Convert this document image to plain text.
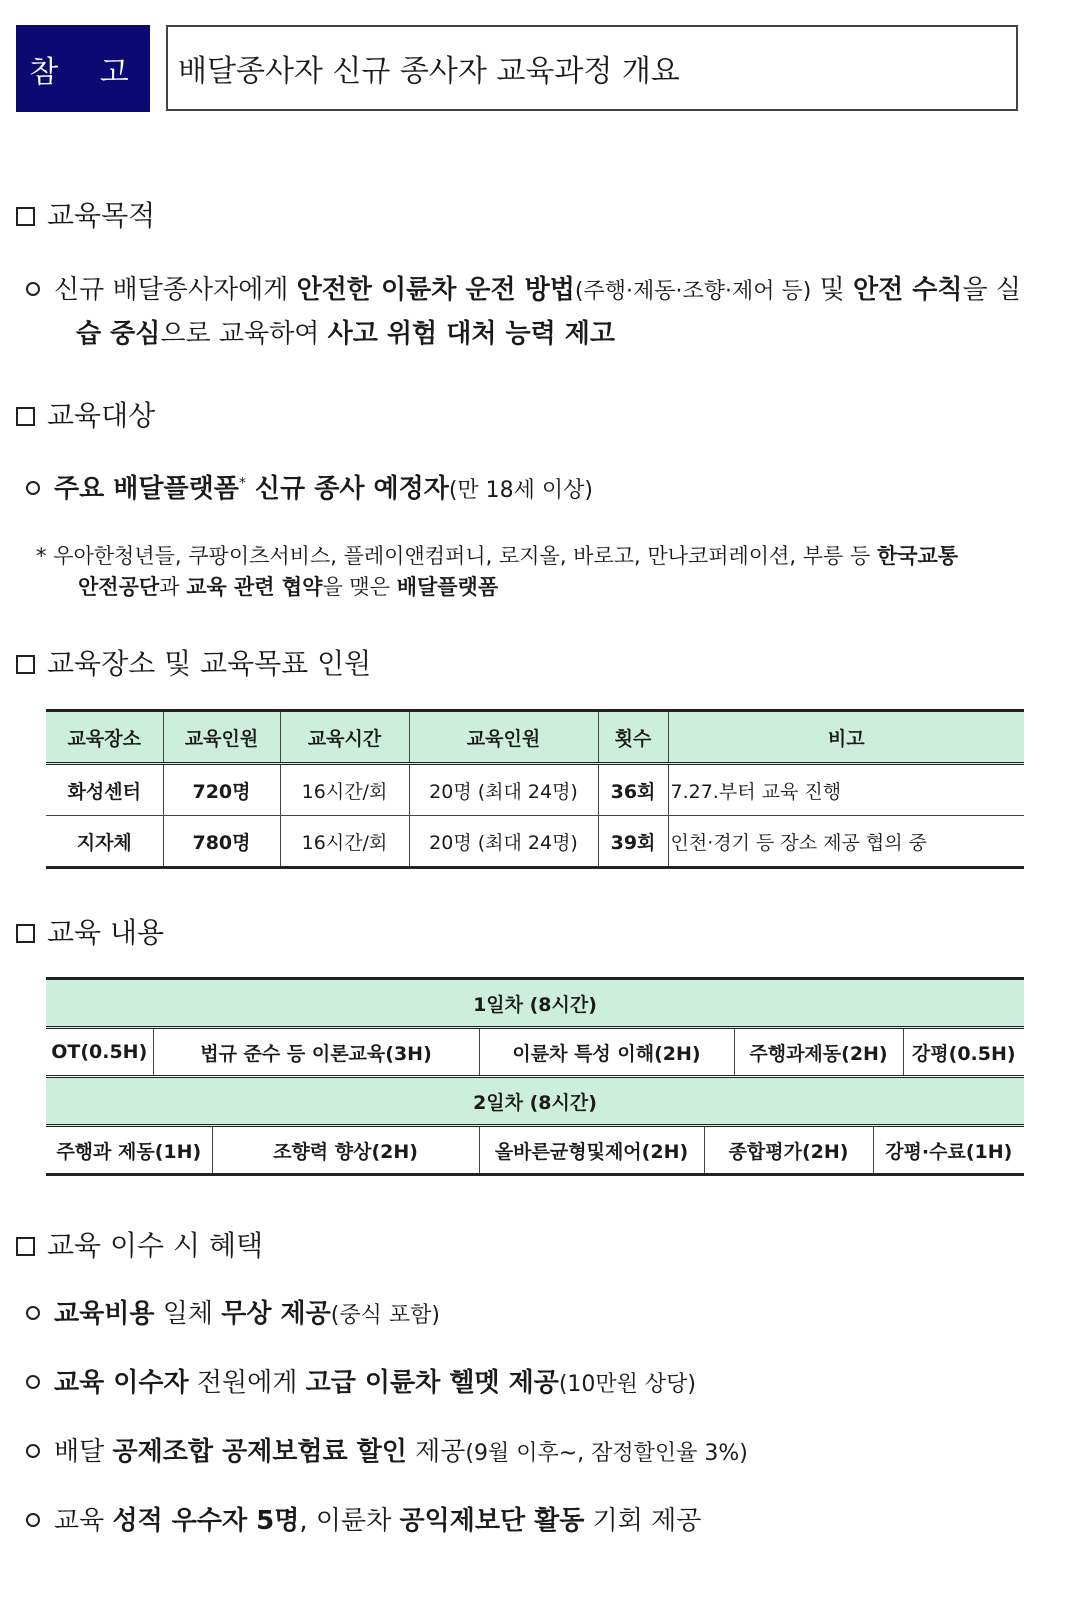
참 고 배달종사자 신규 종사자 교육과정 개요
교육목적
신규 배달종사자에게 안전한 이륜차 운전 방법(주행·제동·조향·제어 등) 및 안전 수칙을 실
습 중심으로 교육하여 사고 위험 대처 능력 제고
교육대상
주요 배달플랫폼* 신규 종사 예정자(만 18세 이상)
* 우아한청년들, 쿠팡이츠서비스, 플레이앤컴퍼니, 로지올, 바로고, 만나코퍼레이션, 부릉 등 한국교통
안전공단과 교육 관련 협약을 맺은 배달플랫폼
교육장소 및 교육목표 인원
교육장소	교육인원	교육시간	교육인원	횟수	비고
화성센터	720명	16시간/회	20명 (최대 24명)	36회	7.27.부터 교육 진행
지자체	780명	16시간/회	20명 (최대 24명)	39회	인천·경기 등 장소 제공 협의 중
교육 내용
1일차 (8시간)							
OT(0.5H)	법규 준수 등 이론교육(3H)		이륜차 특성 이해(2H)		주행과제동(2H)		강평(0.5H)
2일차 (8시간)							
주행과 제동(1H)		조향력 향상(2H)	올바른균형및제어(2H)	종합평가(2H)		강평·수료(1H)	
교육 이수 시 혜택
교육비용 일체 무상 제공(중식 포함)
교육 이수자 전원에게 고급 이륜차 헬멧 제공(10만원 상당)
배달 공제조합 공제보험료 할인 제공(9월 이후~, 잠정할인율 3%)
교육 성적 우수자 5명, 이륜차 공익제보단 활동 기회 제공
